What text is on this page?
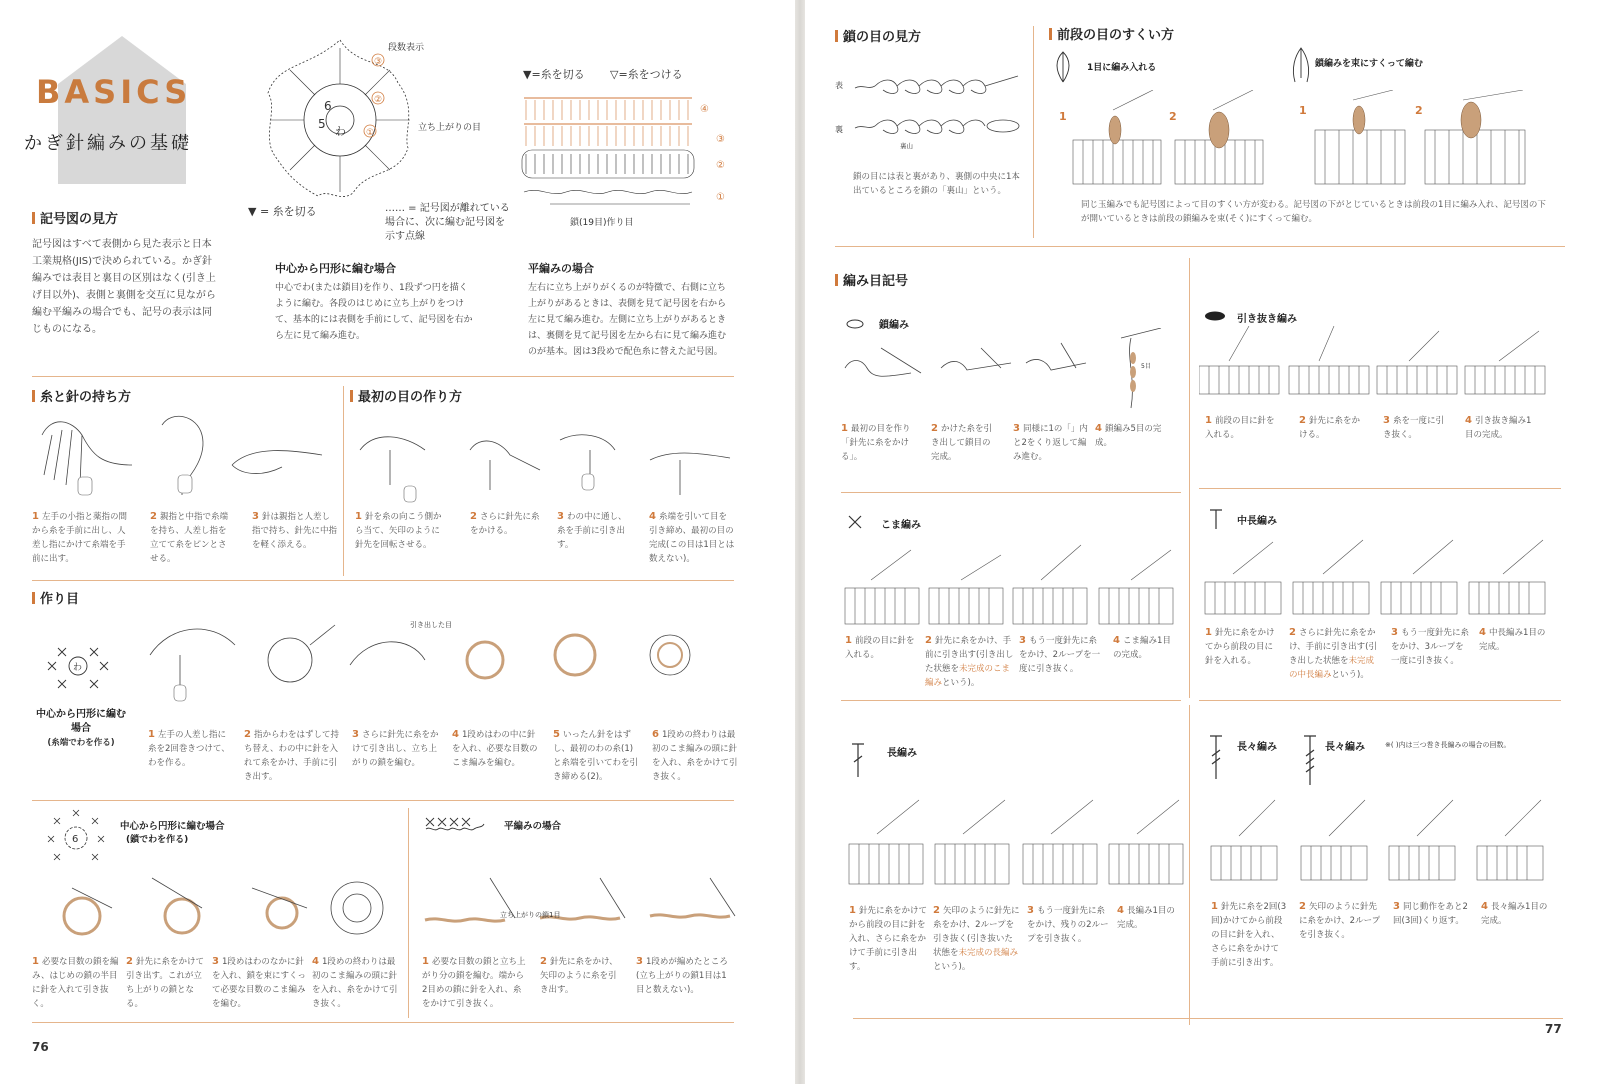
BASICS
かぎ針編みの基礎
6
5
わ ①
②
③
段数表示
立ち上がりの目
▼ = 糸を切る	…… = 記号図が離れている場合に、次に編む記号図を示す点線
▼=糸を切る ▽=糸をつける
④
③
②
①
鎖(19目)作り目
記号図の見方
記号図はすべて表側から見た表示と日本工業規格(JIS)で決められている。かぎ針編みでは表目と裏目の区別はなく(引き上げ目以外)、表側と裏側を交互に見ながら編む平編みの場合でも、記号の表示は同じものになる。
中心から円形に編む場合
中心でわ(または鎖目)を作り、1段ずつ円を描くように編む。各段のはじめに立ち上がりをつけて、基本的には表側を手前にして、記号図を右から左に見て編み進む。
平編みの場合
左右に立ち上がりがくるのが特徴で、右側に立ち上がりがあるときは、表側を見て記号図を右から左に見て編み進む。左側に立ち上がりがあるときは、裏側を見て記号図を左から右に見て編み進むのが基本。図は3段めで配色糸に替えた記号図。
糸と針の持ち方
1 左手の小指と薬指の間から糸を手前に出し、人差し指にかけて糸端を手前に出す。
2 親指と中指で糸端を持ち、人差し指を立てて糸をピンとさせる。
3 針は親指と人差し指で持ち、針先に中指を軽く添える。
最初の目の作り方
1 針を糸の向こう側から当て、矢印のように針先を回転させる。
2 さらに針先に糸をかける。
3 わの中に通し、糸を手前に引き出す。
4 糸端を引いて目を引き締め、最初の目の完成(この目は1目とは数えない)。
作り目
わ
中心から円形に編む場合
(糸端でわを作る)
引き出した目
1 左手の人差し指に糸を2回巻きつけて、わを作る。
2 指からわをはずして持ち替え、わの中に針を入れて糸をかけ、手前に引き出す。
3 さらに針先に糸をかけて引き出し、立ち上がりの鎖を編む。
4 1段めはわの中に針を入れ、必要な目数のこま編みを編む。
5 いったん針をはずし、最初のわの糸(1)と糸端を引いてわを引き締める(2)。
6 1段めの終わりは最初のこま編みの頭に針を入れ、糸をかけて引き抜く。
6
中心から円形に編む場合
(鎖でわを作る)
1 必要な目数の鎖を編み、はじめの鎖の半目に針を入れて引き抜く。
2 針先に糸をかけて引き出す。これが立ち上がりの鎖となる。
3 1段めはわのなかに針を入れ、鎖を束にすくって必要な目数のこま編みを編む。
4 1段めの終わりは最初のこま編みの頭に針を入れ、糸をかけて引き抜く。
平編みの場合
立ち上がりの鎖1目
1 必要な目数の鎖と立ち上がり分の鎖を編む。端から2目めの鎖に針を入れ、糸をかけて引き抜く。
2 針先に糸をかけ、矢印のように糸を引き出す。
3 1段めが編めたところ(立ち上がりの鎖1目は1目と数えない)。
76
鎖の目の見方
表
裏
裏山
鎖の目には表と裏があり、裏側の中央に1本出ているところを鎖の「裏山」という。
前段の目のすくい方
1目に編み入れる	鎖編みを束にすくって編む
1	2	1	2
同じ玉編みでも記号図によって目のすくい方が変わる。記号図の下がとじているときは前段の1目に編み入れ、記号図の下が開いているときは前段の鎖編みを束(そく)にすくって編む。
編み目記号
鎖編み
5目
1 最初の目を作り「針先に糸をかける」。
2 かけた糸を引き出して鎖目の完成。
3 同様に1の「」内と2をくり返して編み進む。
4 鎖編み5目の完成。
引き抜き編み
1 前段の目に針を入れる。
2 針先に糸をかける。
3 糸を一度に引き抜く。
4 引き抜き編み1目の完成。
こま編み
1 前段の目に針を入れる。
2 針先に糸をかけ、手前に引き出す(引き出した状態を未完成のこま編みという)。
3 もう一度針先に糸をかけ、2ループを一度に引き抜く。
4 こま編み1目の完成。
中長編み
1 針先に糸をかけてから前段の目に針を入れる。
2 さらに針先に糸をかけ、手前に引き出す(引き出した状態を未完成の中長編みという)。
3 もう一度針先に糸をかけ、3ループを一度に引き抜く。
4 中長編み1目の完成。
長編み
1 針先に糸をかけてから前段の目に針を入れ、さらに糸をかけて手前に引き出す。
2 矢印のように針先に糸をかけ、2ループを引き抜く(引き抜いた状態を未完成の長編みという)。
3 もう一度針先に糸をかけ、残りの2ループを引き抜く。
4 長編み1目の完成。
長々編み	長々編み	※( )内は三つ巻き長編みの場合の回数。
1 針先に糸を2回(3回)かけてから前段の目に針を入れ、さらに糸をかけて手前に引き出す。
2 矢印のように針先に糸をかけ、2ループを引き抜く。
3 同じ動作をあと2回(3回)くり返す。
4 長々編み1目の完成。
77
